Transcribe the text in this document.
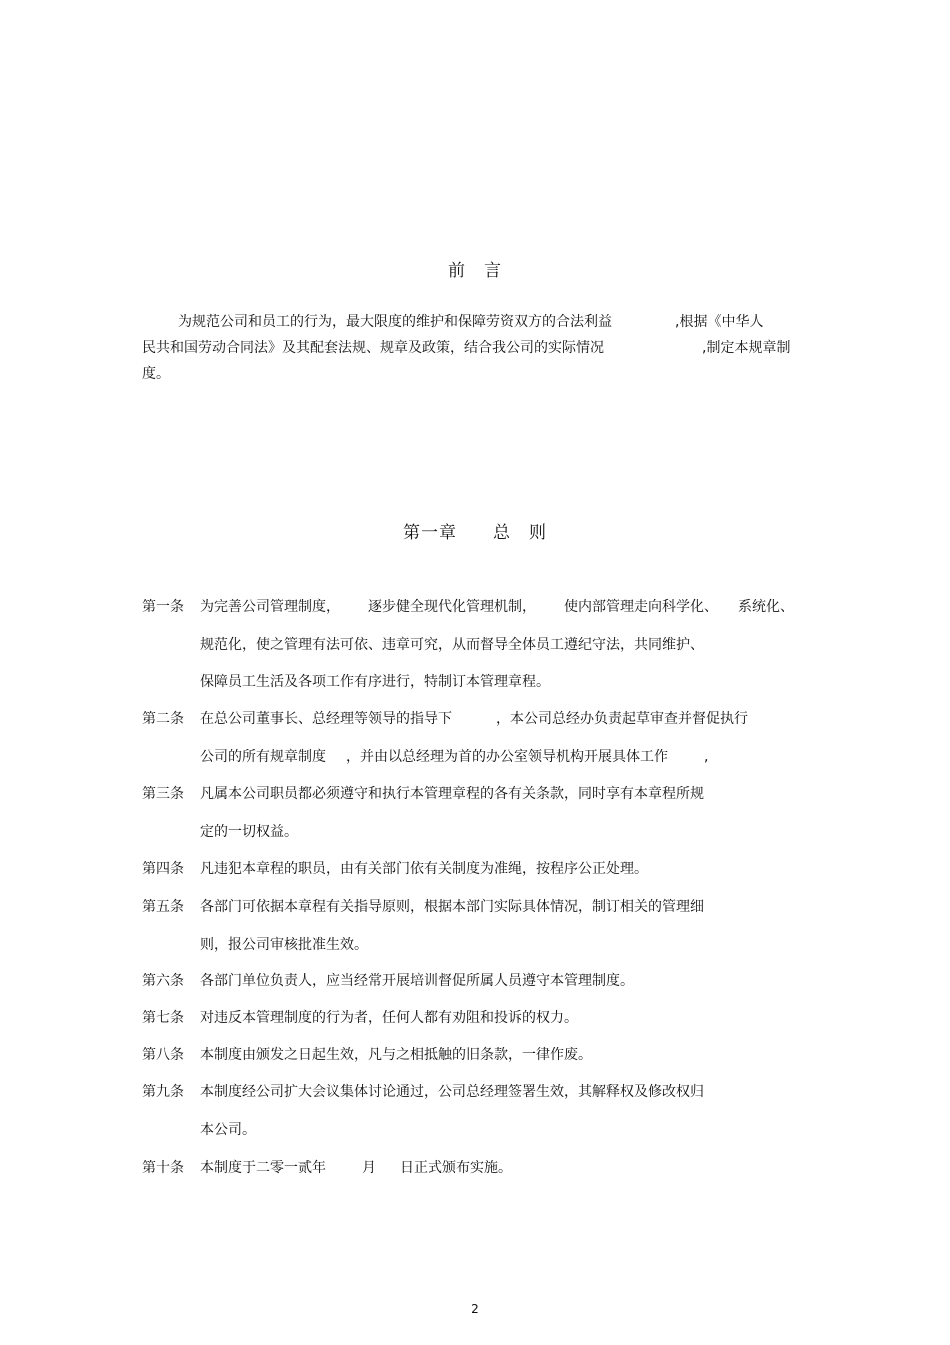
前 言
为规范公司和员工的行为，最大限度的维护和保障劳资双方的合法利益	,根据《中华人
民共和国劳动合同法》及其配套法规、规章及政策，结合我公司的实际情况	,制定本规章制
度。
第一章 总 则
第一条 为完善公司管理制度， 逐步健全现代化管理机制， 使内部管理走向科学化、 系统化、
规范化，使之管理有法可依、违章可究，从而督导全体员工遵纪守法，共同维护、
保障员工生活及各项工作有序进行，特制订本管理章程。
第二条 在总公司董事长、总经理等领导的指导下	，本公司总经办负责起草审查并督促执行
公司的所有规章制度 ，并由以总经理为首的办公室领导机构开展具体工作	,
第三条 凡属本公司职员都必须遵守和执行本管理章程的各有关条款，同时享有本章程所规
定的一切权益。
第四条 凡违犯本章程的职员，由有关部门依有关制度为准绳，按程序公正处理。
第五条 各部门可依据本章程有关指导原则，根据本部门实际具体情况，制订相关的管理细
则，报公司审核批准生效。
第六条 各部门单位负责人，应当经常开展培训督促所属人员遵守本管理制度。
第七条 对违反本管理制度的行为者，任何人都有劝阻和投诉的权力。
第八条 本制度由颁发之日起生效，凡与之相抵触的旧条款，一律作废。
第九条 本制度经公司扩大会议集体讨论通过，公司总经理签署生效，其解释权及修改权归
本公司。
第十条 本制度于二零一贰年	月 日正式颁布实施。
2
